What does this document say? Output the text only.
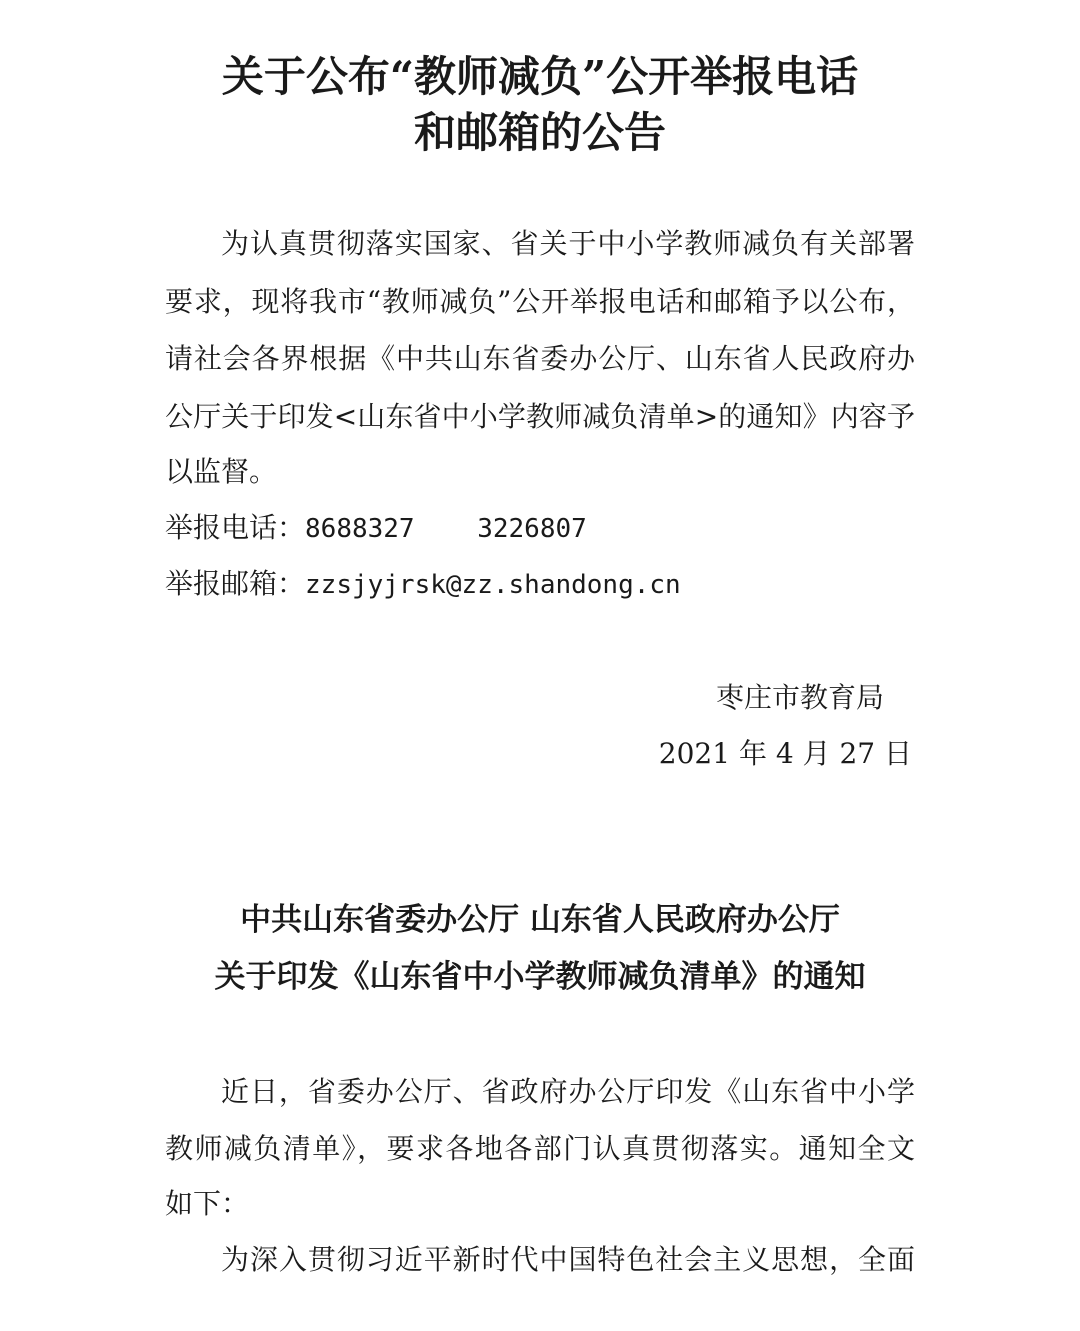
关于公布“教师减负”公开举报电话
和邮箱的公告
为认真贯彻落实国家、省关于中小学教师减负有关部署
要求，现将我市“教师减负”公开举报电话和邮箱予以公布，
请社会各界根据《中共山东省委办公厅、山东省人民政府办
公厅关于印发<山东省中小学教师减负清单>的通知》内容予
以监督。
举报电话：8688327    3226807
举报邮箱：zzsjyjrsk@zz.shandong.cn
枣庄市教育局
2021 年 4 月 27 日
中共山东省委办公厅 山东省人民政府办公厅
关于印发《山东省中小学教师减负清单》的通知
近日，省委办公厅、省政府办公厅印发《山东省中小学
教师减负清单》，要求各地各部门认真贯彻落实。通知全文
如下：
为深入贯彻习近平新时代中国特色社会主义思想，全面
